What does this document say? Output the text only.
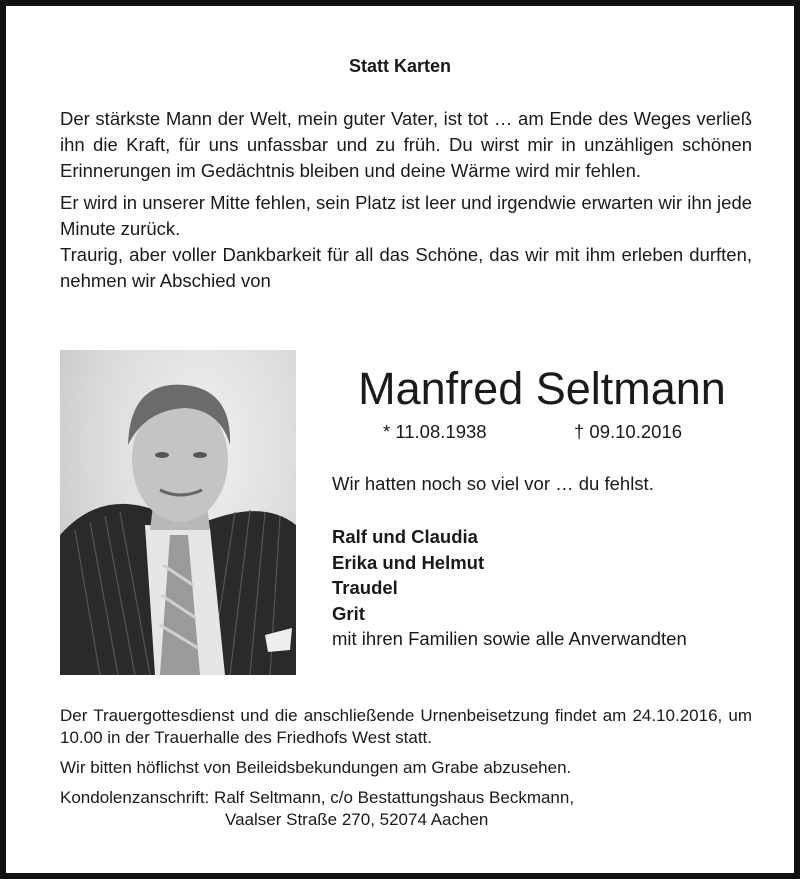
Statt Karten

Der stärkste Mann der Welt, mein guter Vater, ist tot … am Ende des Weges verließ ihn die Kraft, für uns unfassbar und zu früh. Du wirst mir in unzähligen schönen Erinnerungen im Gedächtnis bleiben und deine Wärme wird mir fehlen.

Er wird in unserer Mitte fehlen, sein Platz ist leer und irgendwie erwarten wir ihn jede Minute zurück.

Traurig, aber voller Dankbarkeit für all das Schöne, das wir mit ihm erleben durften, nehmen wir Abschied von

Manfred Seltmann
* 11.08.1938	† 09.10.2016
Wir hatten noch so viel vor … du fehlst.
Ralf und Claudia
Erika und Helmut
Traudel
Grit
mit ihren Familien sowie alle Anverwandten

Der Trauergottesdienst und die anschließende Urnenbeisetzung findet am 24.10.2016, um 10.00 in der Trauerhalle des Friedhofs West statt.

Wir bitten höflichst von Beileidsbekundungen am Grabe abzusehen.

Kondolenzanschrift: Ralf Seltmann, c/o Bestattungshaus Beckmann,

Vaalser Straße 270, 52074 Aachen
